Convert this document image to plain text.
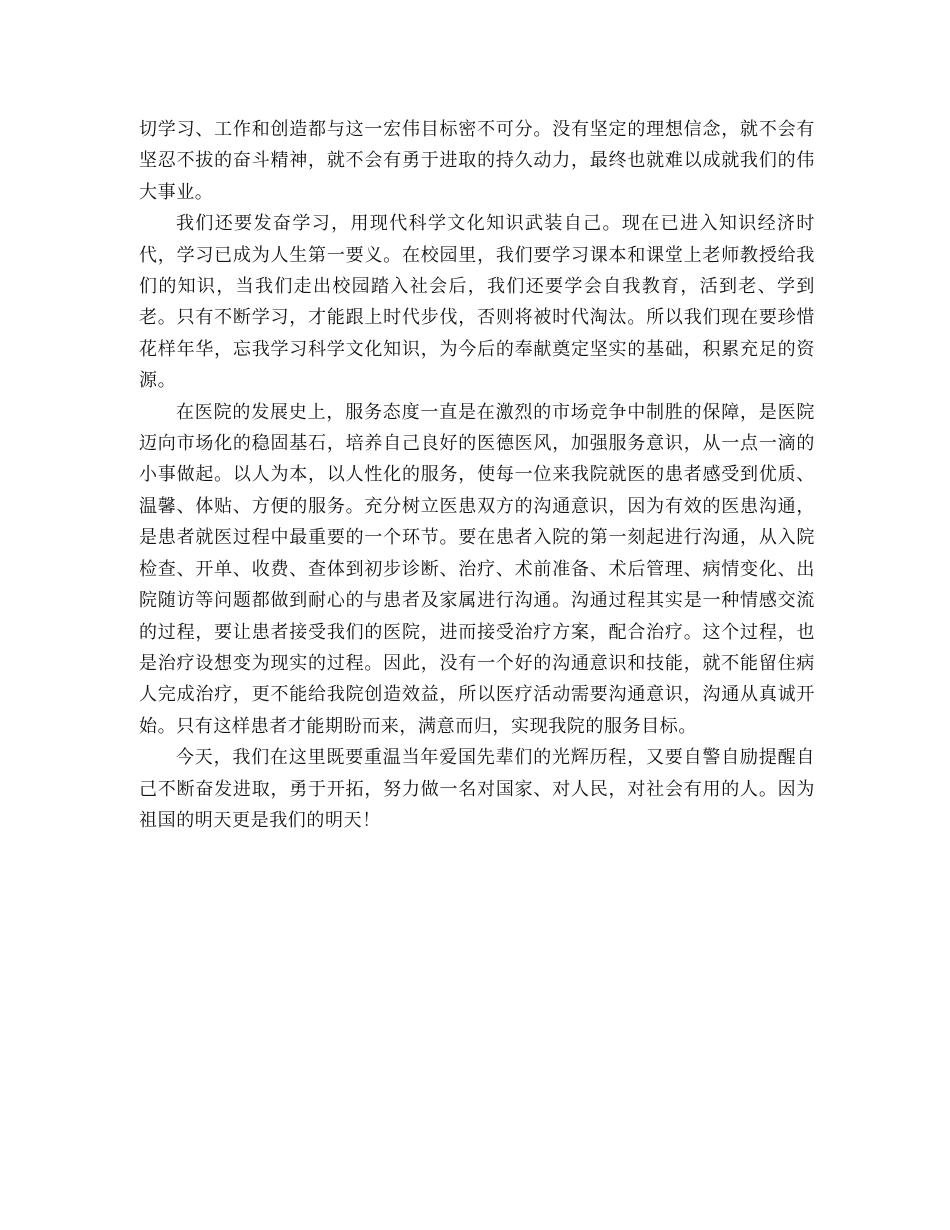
切学习、工作和创造都与这一宏伟目标密不可分。没有坚定的理想信念，就不会有坚忍不拔的奋斗精神，就不会有勇于进取的持久动力，最终也就难以成就我们的伟大事业。

我们还要发奋学习，用现代科学文化知识武装自己。现在已进入知识经济时代，学习已成为人生第一要义。在校园里，我们要学习课本和课堂上老师教授给我们的知识，当我们走出校园踏入社会后，我们还要学会自我教育，活到老、学到老。只有不断学习，才能跟上时代步伐，否则将被时代淘汰。所以我们现在要珍惜花样年华，忘我学习科学文化知识，为今后的奉献奠定坚实的基础，积累充足的资源。

在医院的发展史上，服务态度一直是在激烈的市场竞争中制胜的保障，是医院迈向市场化的稳固基石，培养自己良好的医德医风，加强服务意识，从一点一滴的小事做起。以人为本，以人性化的服务，使每一位来我院就医的患者感受到优质、温馨、体贴、方便的服务。充分树立医患双方的沟通意识，因为有效的医患沟通，是患者就医过程中最重要的一个环节。要在患者入院的第一刻起进行沟通，从入院检查、开单、收费、查体到初步诊断、治疗、术前准备、术后管理、病情变化、出院随访等问题都做到耐心的与患者及家属进行沟通。沟通过程其实是一种情感交流的过程，要让患者接受我们的医院，进而接受治疗方案，配合治疗。这个过程，也是治疗设想变为现实的过程。因此，没有一个好的沟通意识和技能，就不能留住病人完成治疗，更不能给我院创造效益，所以医疗活动需要沟通意识，沟通从真诚开始。只有这样患者才能期盼而来，满意而归，实现我院的服务目标。

今天，我们在这里既要重温当年爱国先辈们的光辉历程，又要自警自励提醒自己不断奋发进取，勇于开拓，努力做一名对国家、对人民，对社会有用的人。因为祖国的明天更是我们的明天！
